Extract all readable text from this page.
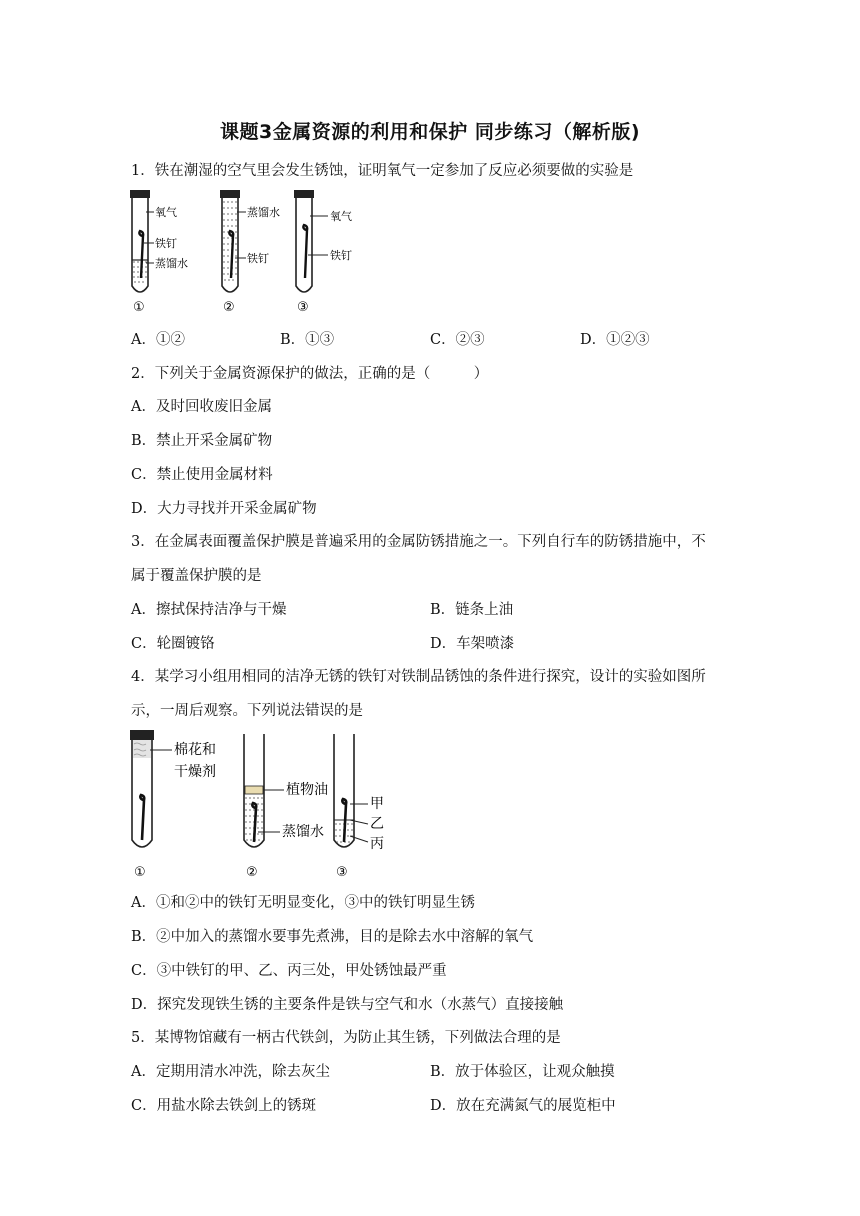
课题3金属资源的利用和保护 同步练习（解析版)
1．铁在潮湿的空气里会发生锈蚀，证明氧气一定参加了反应必须要做的实验是
氧气
铁钉
蒸馏水
①
蒸馏水
铁钉
②
氧气
铁钉
③
A．①②	B．①③	C．②③	D．①②③
2．下列关于金属资源保护的做法，正确的是（　　　）
A．及时回收废旧金属
B．禁止开采金属矿物
C．禁止使用金属材料
D．大力寻找并开采金属矿物
3．在金属表面覆盖保护膜是普遍采用的金属防锈措施之一。下列自行车的防锈措施中，不
属于覆盖保护膜的是
A．擦拭保持洁净与干燥	B．链条上油
C．轮圈镀铬	D．车架喷漆
4．某学习小组用相同的洁净无锈的铁钉对铁制品锈蚀的条件进行探究，设计的实验如图所
示，一周后观察。下列说法错误的是
棉花和
干燥剂
①
植物油
蒸馏水
②
甲
乙
丙
③
A．①和②中的铁钉无明显变化，③中的铁钉明显生锈
B．②中加入的蒸馏水要事先煮沸，目的是除去水中溶解的氧气
C．③中铁钉的甲、乙、丙三处，甲处锈蚀最严重
D．探究发现铁生锈的主要条件是铁与空气和水（水蒸气）直接接触
5．某博物馆藏有一柄古代铁剑，为防止其生锈，下列做法合理的是
A．定期用清水冲洗，除去灰尘	B．放于体验区，让观众触摸
C．用盐水除去铁剑上的锈斑	D．放在充满氮气的展览柜中
